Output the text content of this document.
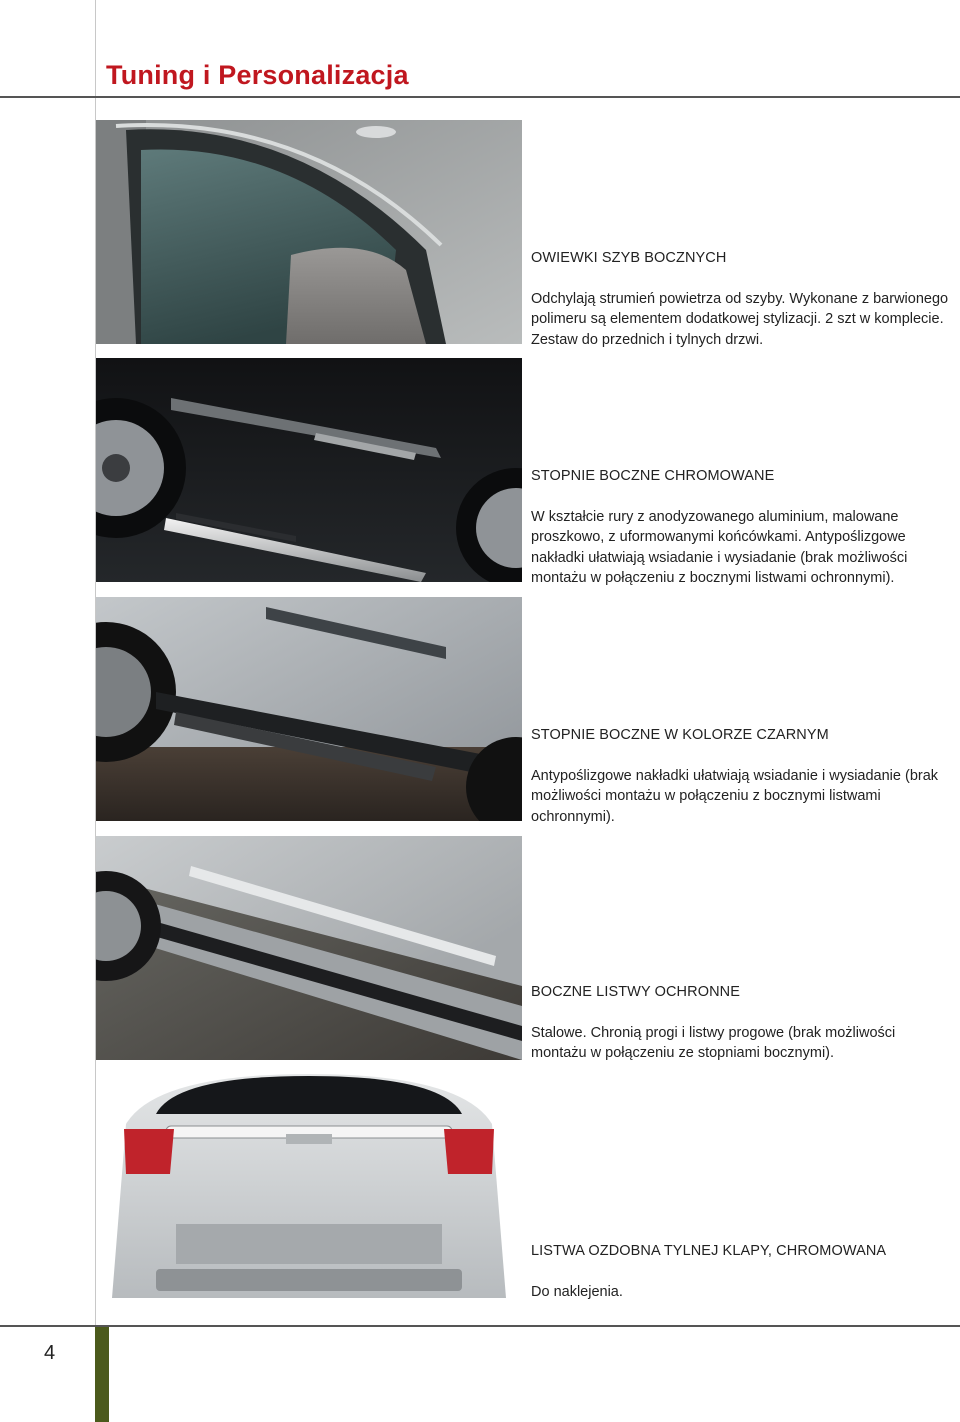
Tuning i Personalizacja
OWIEWKI SZYB BOCZNYCH
Odchylają strumień powietrza od szyby. Wykonane z barwionego polimeru są elementem dodatkowej stylizacji. 2 szt w komplecie. Zestaw do przednich i tylnych drzwi.
STOPNIE BOCZNE CHROMOWANE
W kształcie rury z anodyzowanego aluminium, malowane proszkowo, z uformowanymi końcówkami. Antypoślizgowe nakładki ułatwiają wsiadanie i wysiadanie (brak możliwości montażu w połączeniu z bocznymi listwami ochronnymi).
STOPNIE BOCZNE W KOLORZE CZARNYM
Antypoślizgowe nakładki ułatwiają wsiadanie i wysiadanie (brak możliwości montażu w połączeniu z bocznymi listwami ochronnymi).
BOCZNE LISTWY OCHRONNE
Stalowe. Chronią progi i listwy progowe (brak możliwości montażu w połączeniu ze stopniami bocznymi).
LISTWA OZDOBNA TYLNEJ KLAPY, CHROMOWANA
Do naklejenia.
4
